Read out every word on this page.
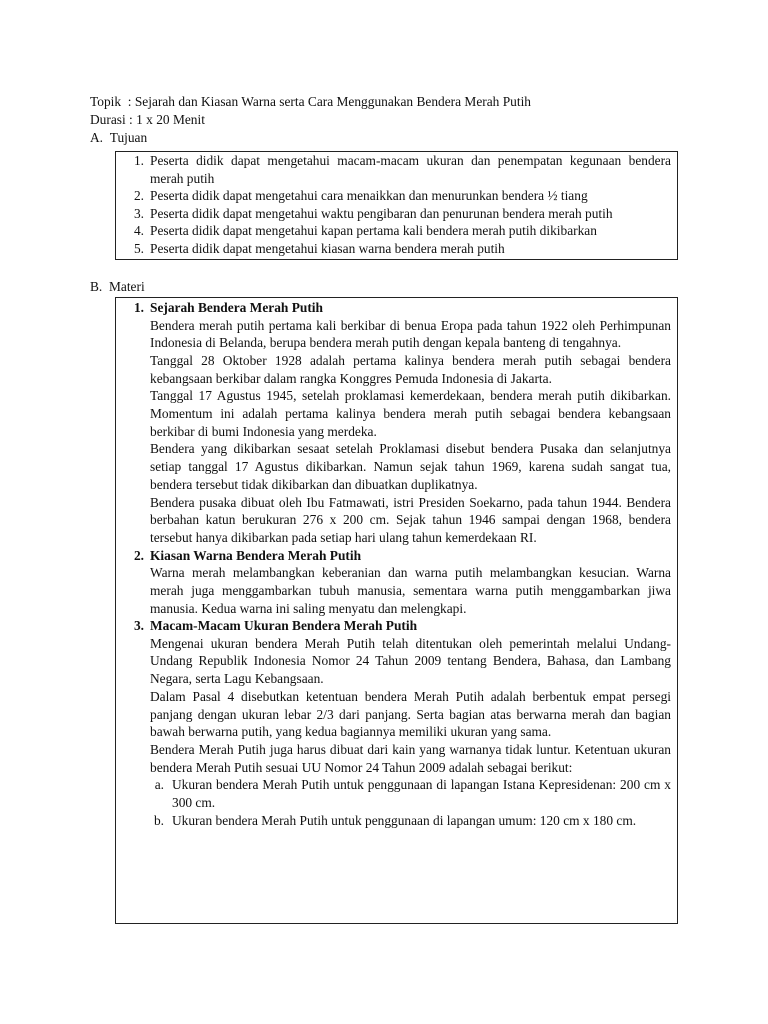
Topik : Sejarah dan Kiasan Warna serta Cara Menggunakan Bendera Merah Putih
Durasi : 1 x 20 Menit
A. Tujuan
1. Peserta didik dapat mengetahui macam-macam ukuran dan penempatan kegunaan bendera merah putih
2. Peserta didik dapat mengetahui cara menaikkan dan menurunkan bendera ½ tiang
3. Peserta didik dapat mengetahui waktu pengibaran dan penurunan bendera merah putih
4. Peserta didik dapat mengetahui kapan pertama kali bendera merah putih dikibarkan
5. Peserta didik dapat mengetahui kiasan warna bendera merah putih
B. Materi
1. Sejarah Bendera Merah Putih
Bendera merah putih pertama kali berkibar di benua Eropa pada tahun 1922 oleh Perhimpunan Indonesia di Belanda, berupa bendera merah putih dengan kepala banteng di tengahnya.
Tanggal 28 Oktober 1928 adalah pertama kalinya bendera merah putih sebagai bendera kebangsaan berkibar dalam rangka Konggres Pemuda Indonesia di Jakarta.
Tanggal 17 Agustus 1945, setelah proklamasi kemerdekaan, bendera merah putih dikibarkan. Momentum ini adalah pertama kalinya bendera merah putih sebagai bendera kebangsaan berkibar di bumi Indonesia yang merdeka.
Bendera yang dikibarkan sesaat setelah Proklamasi disebut bendera Pusaka dan selanjutnya setiap tanggal 17 Agustus dikibarkan. Namun sejak tahun 1969, karena sudah sangat tua, bendera tersebut tidak dikibarkan dan dibuatkan duplikatnya.
Bendera pusaka dibuat oleh Ibu Fatmawati, istri Presiden Soekarno, pada tahun 1944. Bendera berbahan katun berukuran 276 x 200 cm. Sejak tahun 1946 sampai dengan 1968, bendera tersebut hanya dikibarkan pada setiap hari ulang tahun kemerdekaan RI.
2. Kiasan Warna Bendera Merah Putih
Warna merah melambangkan keberanian dan warna putih melambangkan kesucian. Warna merah juga menggambarkan tubuh manusia, sementara warna putih menggambarkan jiwa manusia. Kedua warna ini saling menyatu dan melengkapi.
3. Macam-Macam Ukuran Bendera Merah Putih
Mengenai ukuran bendera Merah Putih telah ditentukan oleh pemerintah melalui Undang-Undang Republik Indonesia Nomor 24 Tahun 2009 tentang Bendera, Bahasa, dan Lambang Negara, serta Lagu Kebangsaan.
Dalam Pasal 4 disebutkan ketentuan bendera Merah Putih adalah berbentuk empat persegi panjang dengan ukuran lebar 2/3 dari panjang. Serta bagian atas berwarna merah dan bagian bawah berwarna putih, yang kedua bagiannya memiliki ukuran yang sama.
Bendera Merah Putih juga harus dibuat dari kain yang warnanya tidak luntur. Ketentuan ukuran bendera Merah Putih sesuai UU Nomor 24 Tahun 2009 adalah sebagai berikut:
a. Ukuran bendera Merah Putih untuk penggunaan di lapangan Istana Kepresidenan: 200 cm x 300 cm.
b. Ukuran bendera Merah Putih untuk penggunaan di lapangan umum: 120 cm x 180 cm.
